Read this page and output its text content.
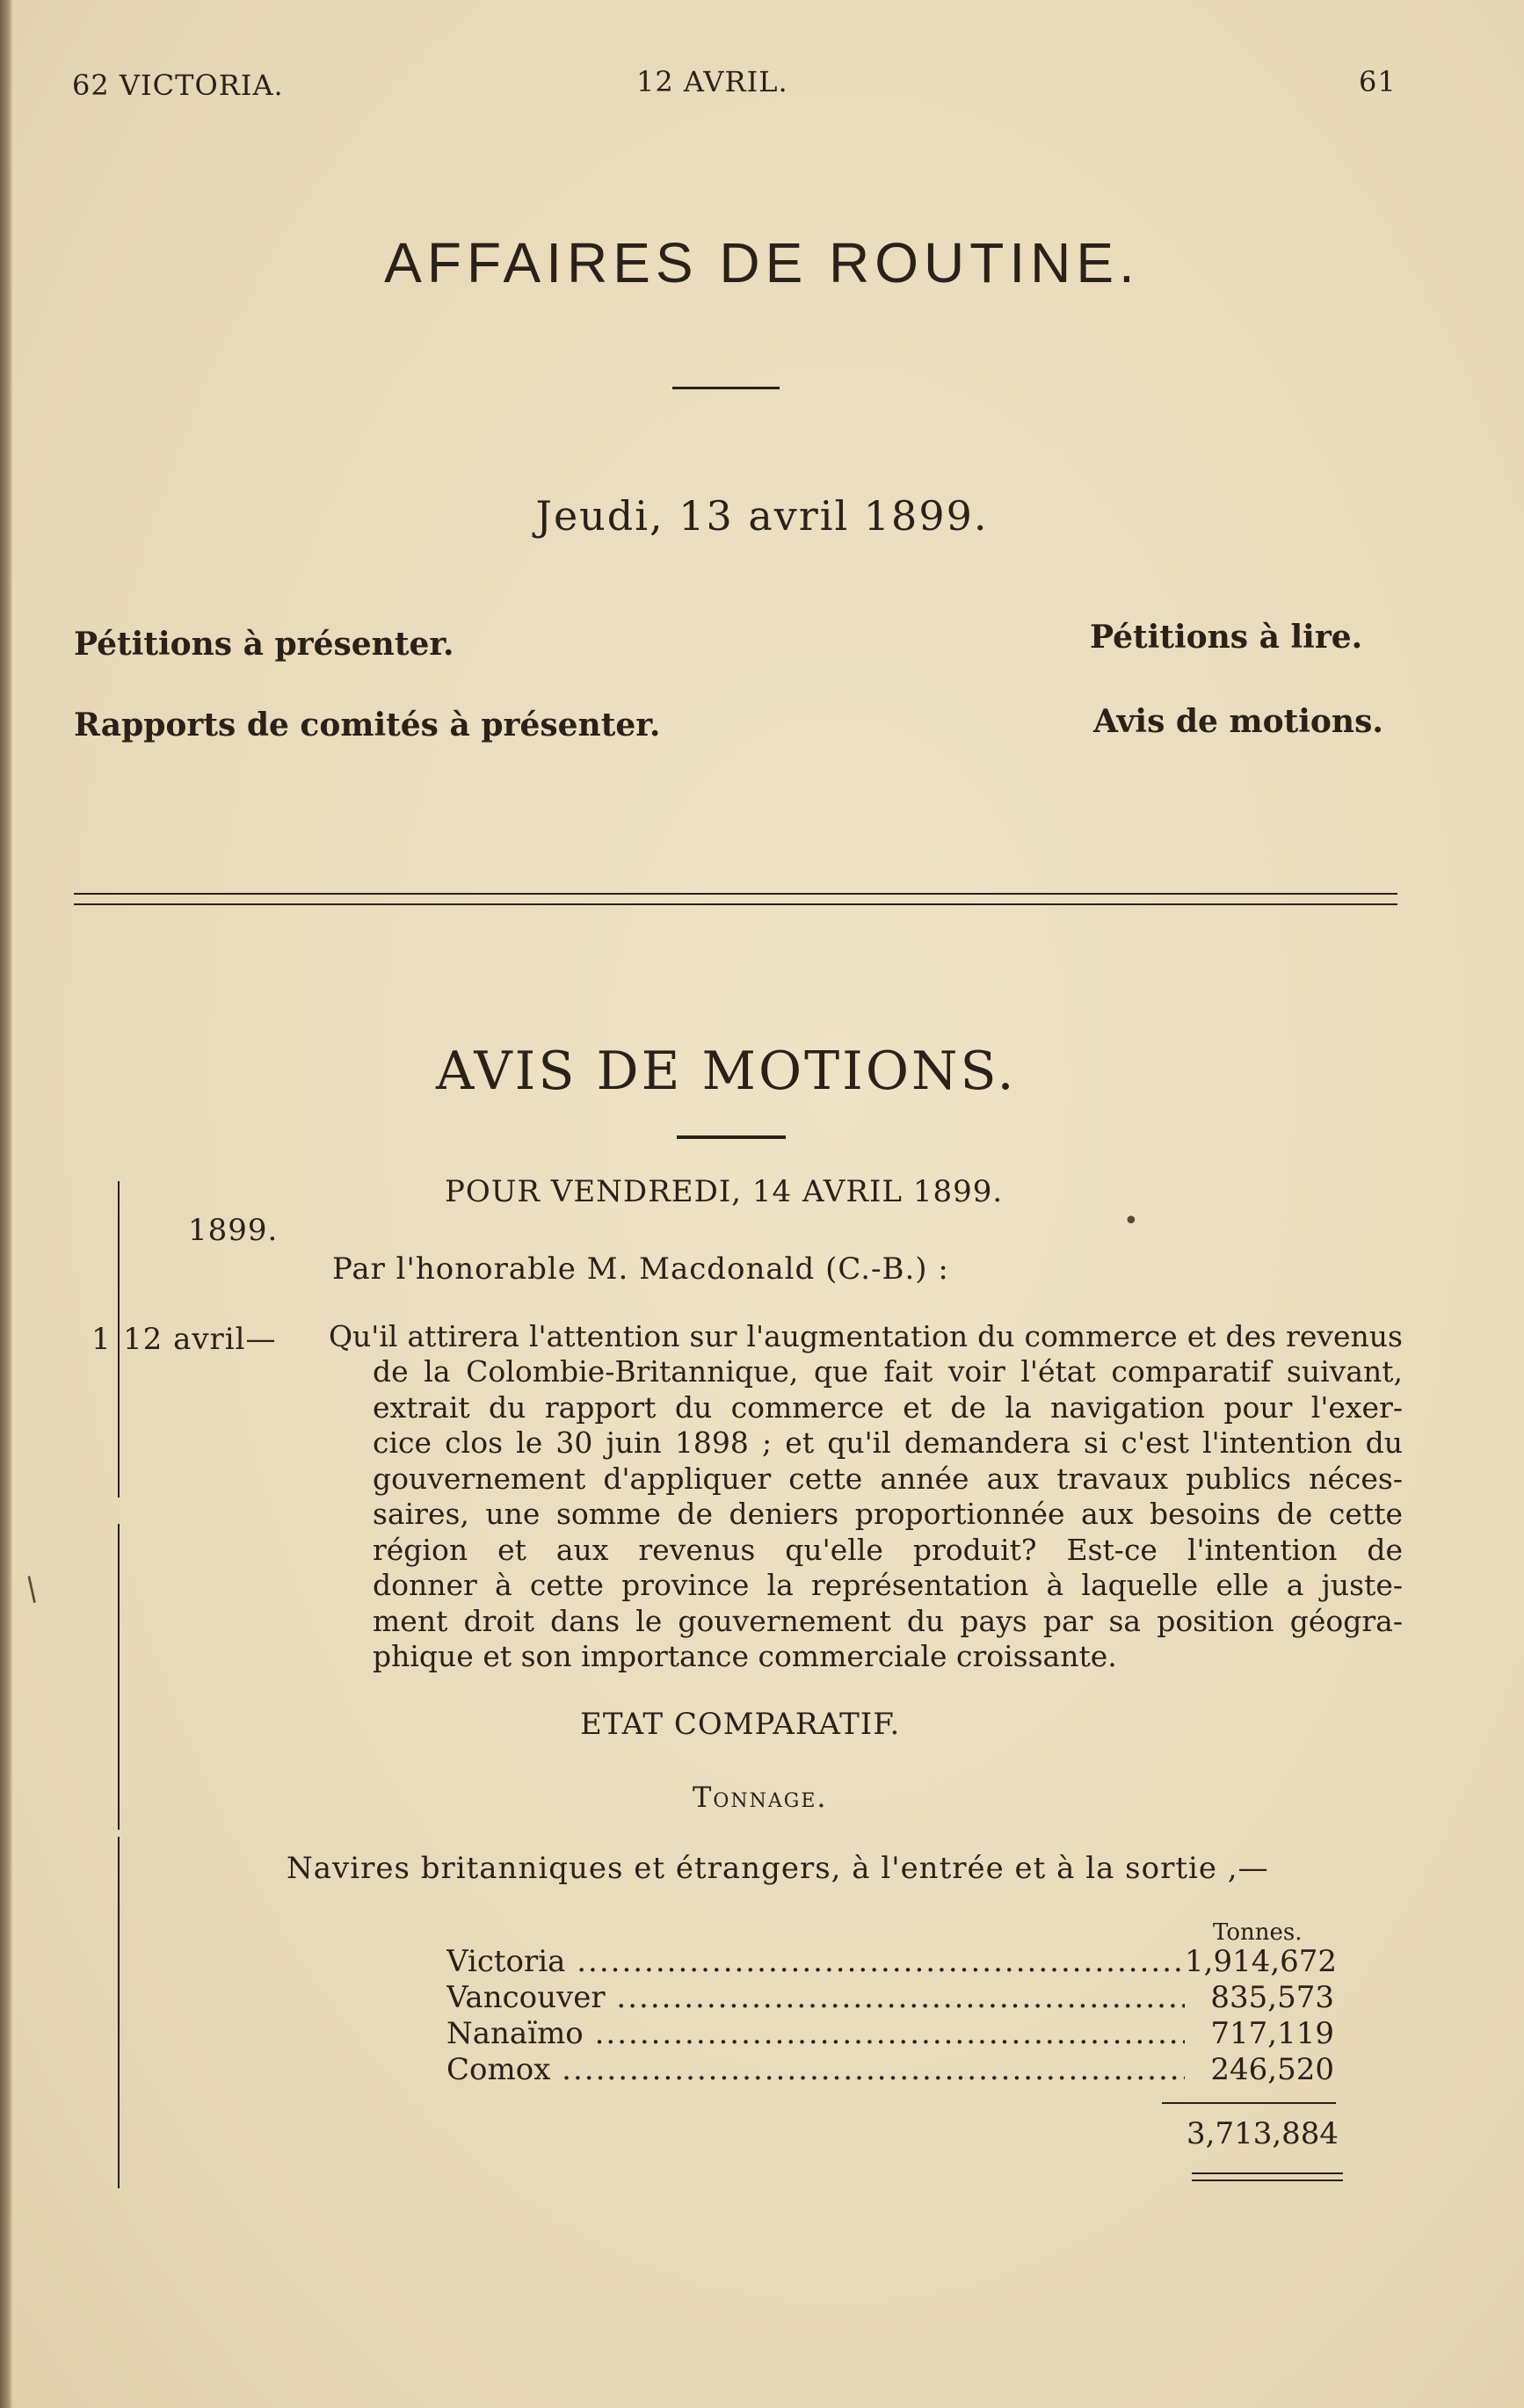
62 VICTORIA.	12 AVRIL.	61
AFFAIRES DE ROUTINE.
Jeudi, 13 avril 1899.
Pétitions à présenter.
Rapports de comités à présenter.
Pétitions à lire.
Avis de motions.
AVIS DE MOTIONS.
POUR VENDREDI, 14 AVRIL 1899.
1899.
Par l'honorable M. Macdonald (C.-B.) :
1 12 avril— Qu'il attirera l'attention sur l'augmentation du commerce et des revenus
de la Colombie-Britannique, que fait voir l'état comparatif suivant,
extrait du rapport du commerce et de la navigation pour l'exer-
cice clos le 30 juin 1898 ; et qu'il demandera si c'est l'intention du
gouvernement d'appliquer cette année aux travaux publics néces-
saires, une somme de deniers proportionnée aux besoins de cette
région et aux revenus qu'elle produit? Est-ce l'intention de
donner à cette province la représentation à laquelle elle a juste-
ment droit dans le gouvernement du pays par sa position géogra-
phique et son importance commerciale croissante.
ETAT COMPARATIF.
Tonnage.
Navires britanniques et étrangers, à l'entrée et à la sortie ,—
Tonnes.
Victoria .....	1,914,672
Vancouver .....	835,573
Nanaïmo .....	717,119
Comox .....	246,520
3,713,884
•
/
